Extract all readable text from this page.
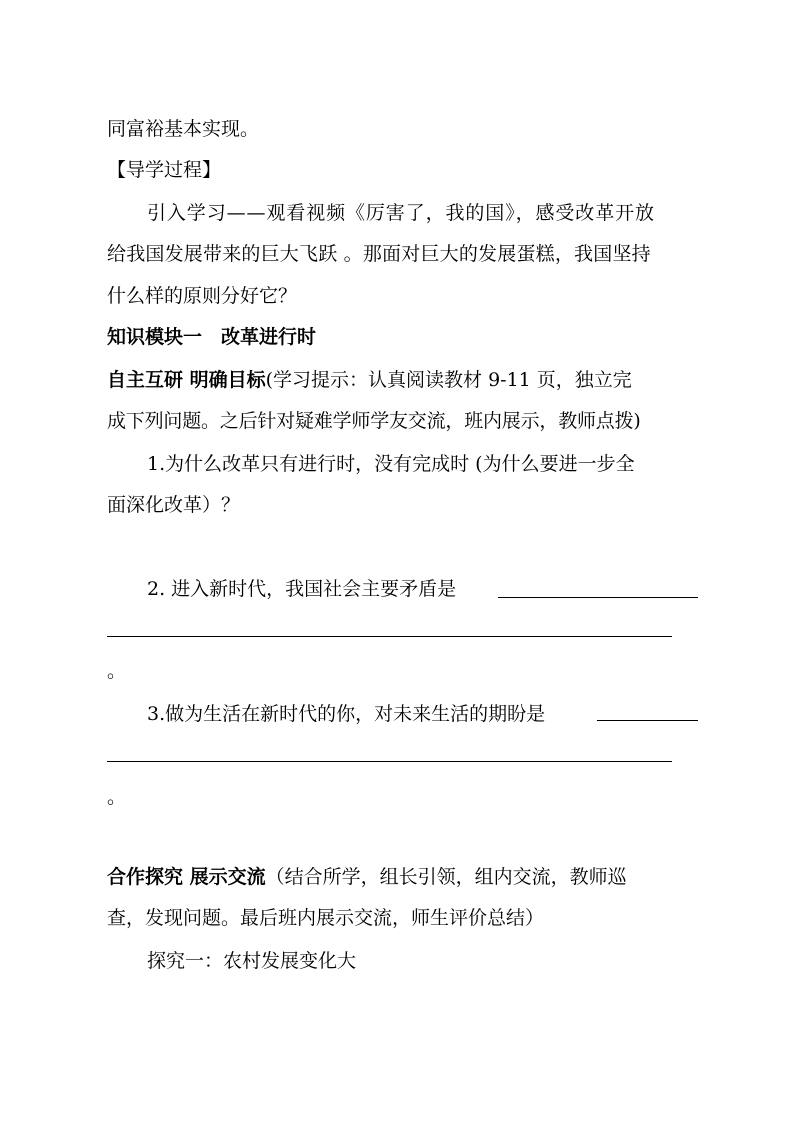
同富裕基本实现。

【导学过程】

引入学习——观看视频《厉害了，我的国》，感受改革开放

给我国发展带来的巨大飞跃 。那面对巨大的发展蛋糕，我国坚持

什么样的原则分好它？

知识模块一　改革进行时

自主互研 明确目标(学习提示：认真阅读教材 9-11 页，独立完

成下列问题。之后针对疑难学师学友交流，班内展示，教师点拨)

1.为什么改革只有进行时，没有完成时 (为什么要进一步全

面深化改革）？

2. 进入新时代，我国社会主要矛盾是

。

3.做为生活在新时代的你，对未来生活的期盼是

。

合作探究 展示交流（结合所学，组长引领，组内交流，教师巡

查，发现问题。最后班内展示交流，师生评价总结）

探究一：农村发展变化大
